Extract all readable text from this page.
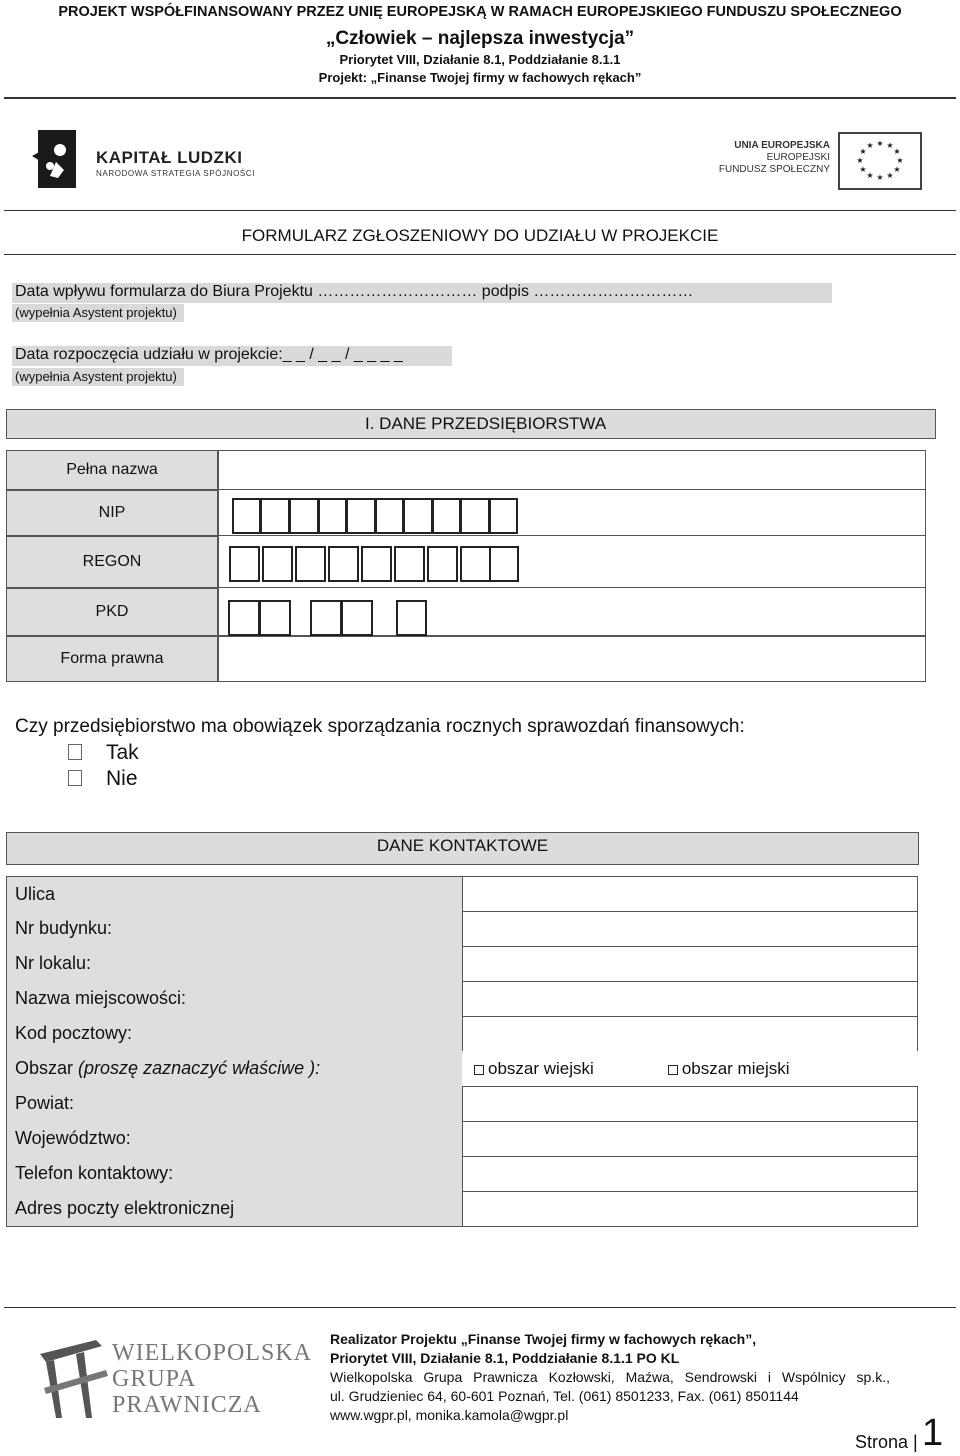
PROJEKT WSPÓŁFINANSOWANY PRZEZ UNIĘ EUROPEJSKĄ W RAMACH EUROPEJSKIEGO FUNDUSZU SPOŁECZNEGO
„Człowiek – najlepsza inwestycja”
Priorytet VIII, Działanie 8.1, Poddziałanie 8.1.1
Projekt: „Finanse Twojej firmy w fachowych rękach”
KAPITAŁ LUDZKI
NARODOWA STRATEGIA SPÓJNOŚCI
UNIA EUROPEJSKA
EUROPEJSKI
FUNDUSZ SPOŁECZNY
★ ★
★
★
★
★
★
★
★
★
★
★
FORMULARZ ZGŁOSZENIOWY DO UDZIAŁU W PROJEKCIE
Data wpływu formularza do Biura Projektu ………………………… podpis …………………………
(wypełnia Asystent projektu)
Data rozpoczęcia udziału w projekcie:_ _ / _ _ / _ _ _ _
(wypełnia Asystent projektu)
I. DANE PRZEDSIĘBIORSTWA
Pełna nazwa
NIP
REGON
PKD
Forma prawna
Czy przedsiębiorstwo ma obowiązek sporządzania rocznych sprawozdań finansowych:
Tak
Nie
DANE KONTAKTOWE
Ulica
Nr budynku:
Nr lokalu:
Nazwa miejscowości:
Kod pocztowy:
Obszar
(proszę zaznaczyć właściwe ):	obszar wiejski	obszar miejski
Powiat:
Województwo:
Telefon kontaktowy:
Adres poczty elektronicznej
WIELKOPOLSKA
GRUPA
PRAWNICZA
Realizator Projektu „Finanse Twojej firmy w fachowych rękach”,
Priorytet VIII, Działanie 8.1, Poddziałanie 8.1.1 PO KL
Wielkopolska Grupa Prawnicza Kozłowski, Maźwa, Sendrowski i Wspólnicy sp.k.,
ul. Grudzieniec 64, 60-601 Poznań, Tel. (061) 8501233, Fax. (061) 8501144
www.wgpr.pl, monika.kamola@wgpr.pl
Strona | 1
